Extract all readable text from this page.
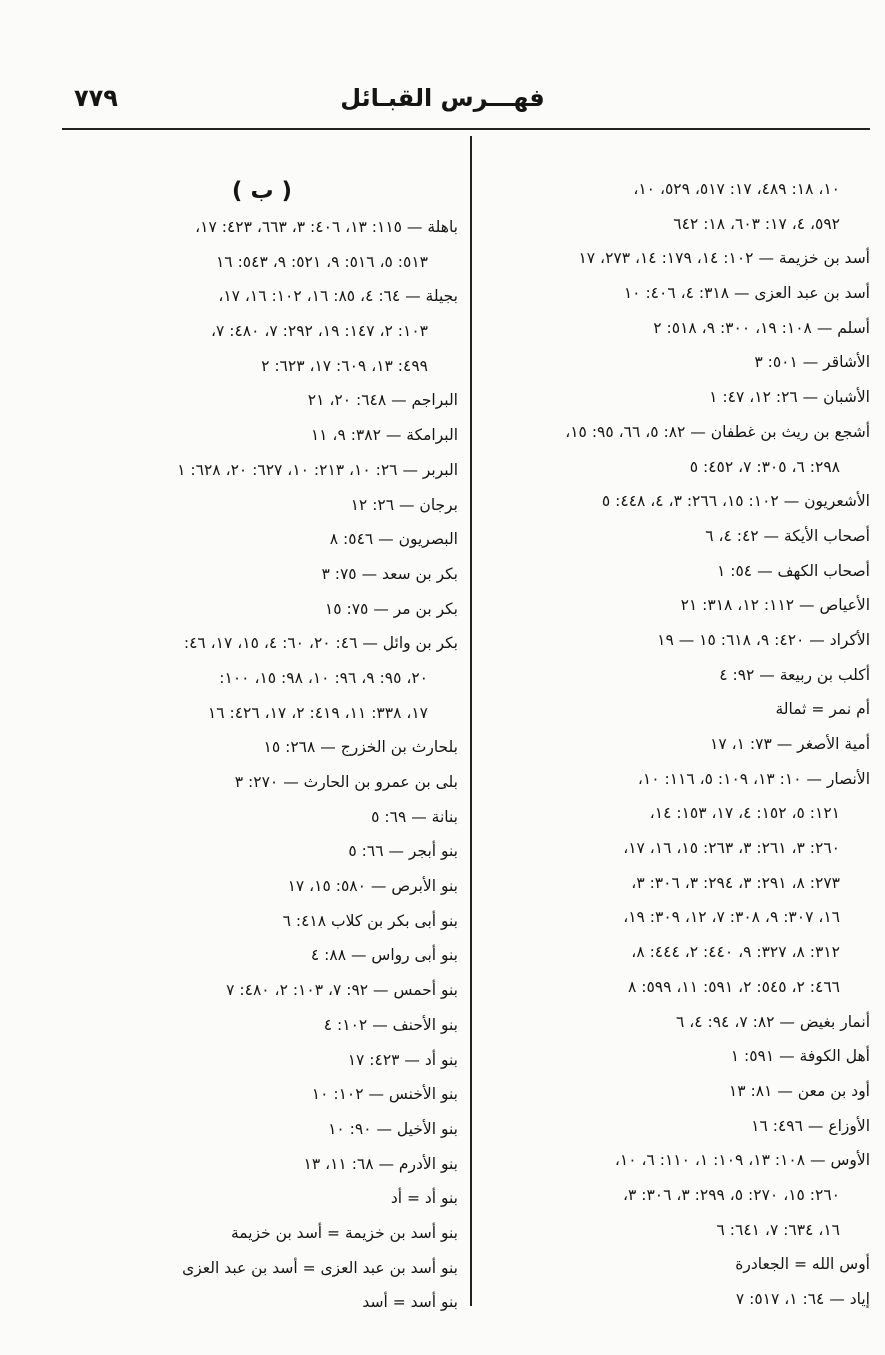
فهـــرس القبـائل
٧٧٩
١٠، ١٨: ٤٨٩، ١٧: ٥١٧، ٥٢٩، ١٠،
٥٩٢، ٤، ١٧: ٦٠٣، ١٨: ٦٤٢
أسد بن خزيمة — ١٠٢: ١٤، ١٧٩: ١٤، ٢٧٣، ١٧
أسد بن عبد العزى — ٣١٨: ٤، ٤٠٦: ١٠
أسلم — ١٠٨: ١٩، ٣٠٠: ٩، ٥١٨: ٢
الأشاقر — ٥٠١: ٣
الأشبان — ٢٦: ١٢، ٤٧: ١
أشجع بن ريث بن غطفان — ٨٢: ٥، ٦٦، ٩٥: ١٥،
٢٩٨: ٦، ٣٠٥: ٧، ٤٥٢: ٥
الأشعريون — ١٠٢: ١٥، ٢٦٦: ٣، ٤، ٤٤٨: ٥
أصحاب الأيكة — ٤٢: ٤، ٦
أصحاب الكهف — ٥٤: ١
الأعياص — ١١٢: ١٢، ٣١٨: ٢١
الأكراد — ٤٢٠: ٩، ٦١٨: ١٥ — ١٩
أكلب بن ربيعة — ٩٢: ٤
أم نمر = ثمالة
أمية الأصغر — ٧٣: ١، ١٧
الأنصار — ١٠: ١٣، ١٠٩: ٥، ١١٦: ١٠،
١٢١: ٥، ١٥٢: ٤، ١٧، ١٥٣: ١٤،
٢٦٠: ٣، ٢٦١: ٣، ٢٦٣: ١٥، ١٦، ١٧،
٢٧٣: ٨، ٢٩١: ٣، ٢٩٤: ٣، ٣٠٦: ٣،
١٦، ٣٠٧: ٩، ٣٠٨: ٧، ١٢، ٣٠٩: ١٩،
٣١٢: ٨، ٣٢٧: ٩، ٤٤٠: ٢، ٤٤٤: ٨،
٤٦٦: ٢، ٥٤٥: ٢، ٥٩١: ١١، ٥٩٩: ٨
أنمار بغيض — ٨٢: ٧، ٩٤: ٤، ٦
أهل الكوفة — ٥٩١: ١
أود بن معن — ٨١: ١٣
الأوزاع — ٤٩٦: ١٦
الأوس — ١٠٨: ١٣، ١٠٩: ١، ١١٠: ٦، ١٠،
٢٦٠: ١٥، ٢٧٠: ٥، ٢٩٩: ٣، ٣٠٦: ٣،
١٦، ٦٣٤: ٧، ٦٤١: ٦
أوس الله = الجعادرة
إياد — ٦٤: ١، ٥١٧: ٧
( ب )
باهلة — ١١٥: ١٣، ٤٠٦: ٣، ٦٦٣، ٤٢٣: ١٧،
٥١٣: ٥، ٥١٦: ٩، ٥٢١: ٩، ٥٤٣: ١٦
بجيلة — ٦٤: ٤، ٨٥: ١٦، ١٠٢: ١٦، ١٧،
١٠٣: ٢، ١٤٧: ١٩، ٢٩٢: ٧، ٤٨٠: ٧،
٤٩٩: ١٣، ٦٠٩: ١٧، ٦٢٣: ٢
البراجم — ٦٤٨: ٢٠، ٢١
البرامكة — ٣٨٢: ٩، ١١
البربر — ٢٦: ١٠، ٢١٣: ١٠، ٦٢٧: ٢٠، ٦٢٨: ١
برجان — ٢٦: ١٢
البصريون — ٥٤٦: ٨
بكر بن سعد — ٧٥: ٣
بكر بن مر — ٧٥: ١٥
بكر بن وائل — ٤٦: ٢٠، ٦٠: ٤، ١٥، ١٧، ٤٦:
٢٠، ٩٥: ٩، ٩٦: ١٠، ٩٨: ١٥، ١٠٠:
١٧، ٣٣٨: ١١، ٤١٩: ٢، ١٧، ٤٢٦: ١٦
بلحارث بن الخزرج — ٢٦٨: ١٥
بلى بن عمرو بن الحارث — ٢٧٠: ٣
بنانة — ٦٩: ٥
بنو أبجر — ٦٦: ٥
بنو الأبرص — ٥٨٠: ١٥، ١٧
بنو أبى بكر بن كلاب ٤١٨: ٦
بنو أبى رواس — ٨٨: ٤
بنو أحمس — ٩٢: ٧، ١٠٣: ٢، ٤٨٠: ٧
بنو الأحنف — ١٠٢: ٤
بنو أد — ٤٢٣: ١٧
بنو الأخنس — ١٠٢: ١٠
بنو الأخيل — ٩٠: ١٠
بنو الأدرم — ٦٨: ١١، ١٣
بنو أد = أد
بنو أسد بن خزيمة = أسد بن خزيمة
بنو أسد بن عبد العزى = أسد بن عبد العزى
بنو أسد = أسد
